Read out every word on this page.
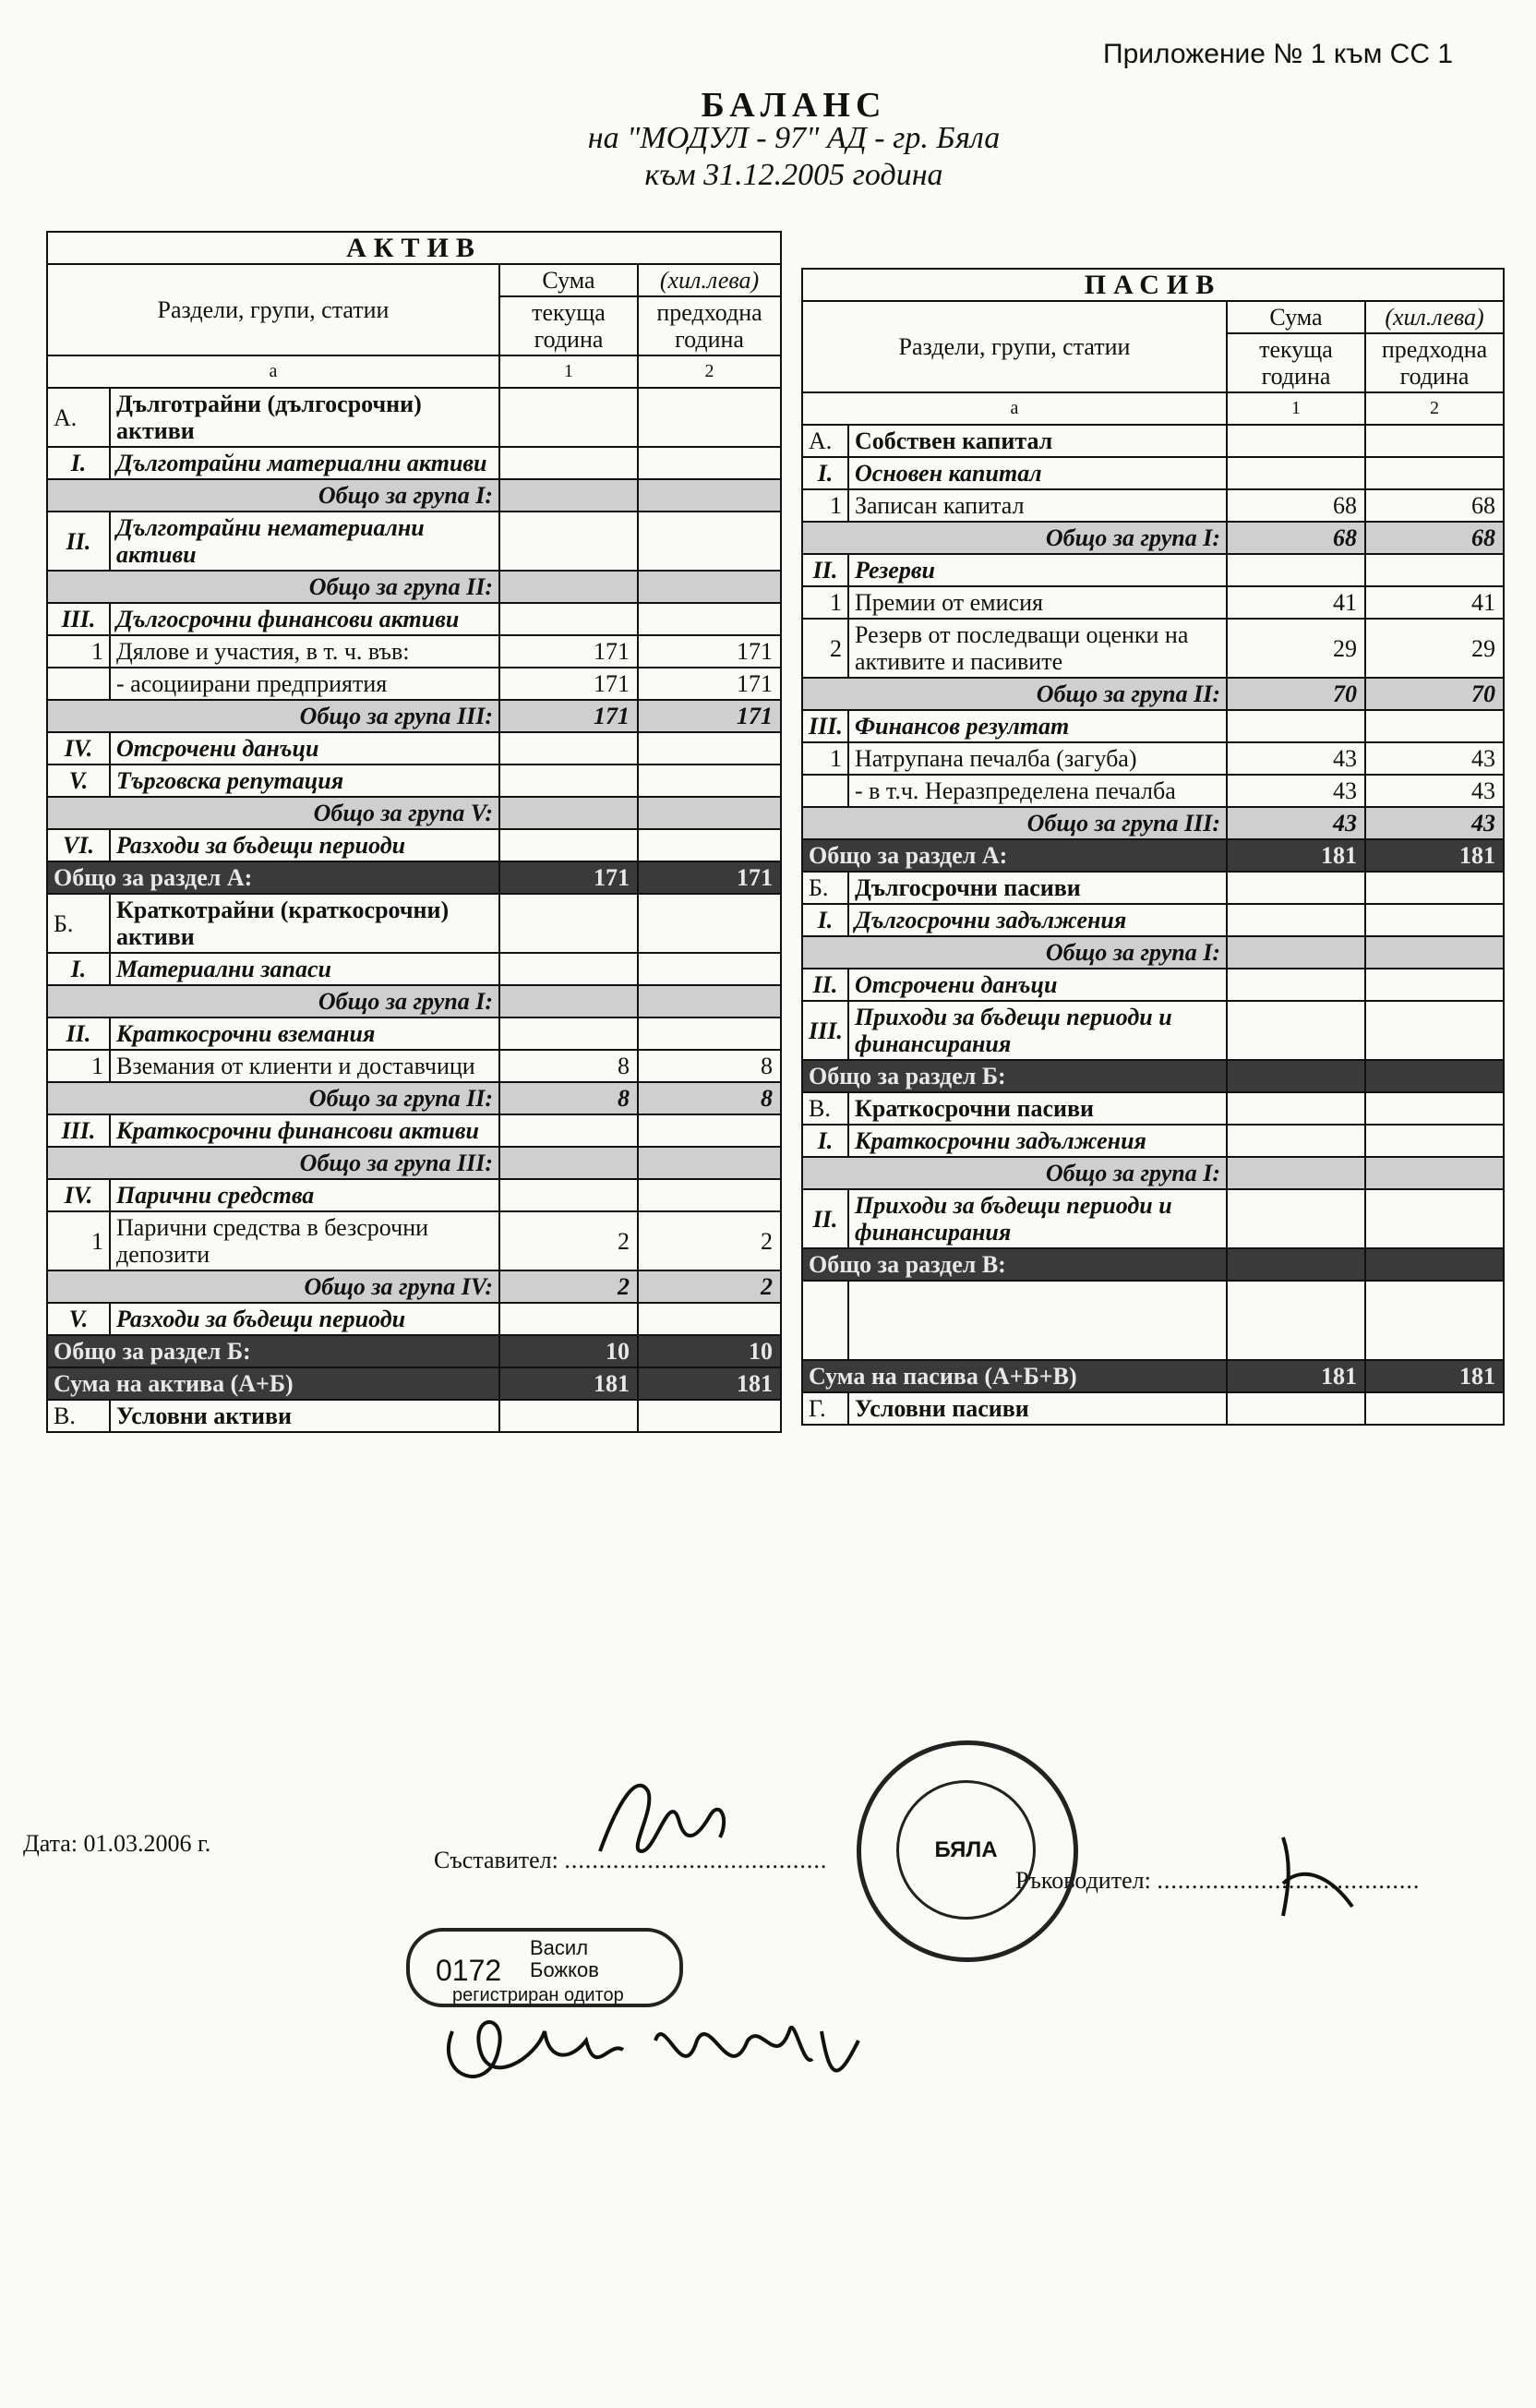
Приложение № 1 към СС 1
БАЛАНС
на "МОДУЛ - 97" АД - гр. Бяла
към 31.12.2005 година
АКТИВ			
Раздели, групи, статии		Сума	(хил.лева)
		текуща година	предходна година
а		1	2
А.	Дълготрайни (дългосрочни) активи		
I.	Дълготрайни материални активи		
Общо за група I:			
II.	Дълготрайни нематериални активи		
Общо за група II:			
III.	Дългосрочни финансови активи		
1	Дялове и участия, в т. ч. във:	171	171
	- асоциирани предприятия	171	171
Общо за група III:		171	171
IV.	Отсрочени данъци		
V.	Търговска репутация		
Общо за група V:			
VI.	Разходи за бъдещи периоди		
Общо за раздел А:		171	171
Б.	Краткотрайни (краткосрочни) активи		
I.	Материални запаси		
Общо за група I:			
II.	Краткосрочни вземания		
1	Вземания от клиенти и доставчици	8	8
Общо за група II:		8	8
III.	Краткосрочни финансови активи		
Общо за група III:			
IV.	Парични средства		
1	Парични средства в безсрочни депозити	2	2
Общо за група IV:		2	2
V.	Разходи за бъдещи периоди		
Общо за раздел Б:		10	10
Сума на актива (А+Б)		181	181
В.	Условни активи		
ПАСИВ			
Раздели, групи, статии		Сума	(хил.лева)
		текуща година	предходна година
а		1	2
А.	Собствен капитал		
I.	Основен капитал		
1	Записан капитал	68	68
Общо за група I:		68	68
II.	Резерви		
1	Премии от емисия	41	41
2	Резерв от последващи оценки на активите и пасивите	29	29
Общо за група II:		70	70
III.	Финансов резултат		
1	Натрупана печалба (загуба)	43	43
	- в т.ч. Неразпределена печалба	43	43
Общо за група III:		43	43
Общо за раздел А:		181	181
Б.	Дългосрочни пасиви		
I.	Дългосрочни задължения		
Общо за група I:			
II.	Отсрочени данъци		
III.	Приходи за бъдещи периоди и финансирания		
Общо за раздел Б:			
В.	Краткосрочни пасиви		
I.	Краткосрочни задължения		
Общо за група I:			
II.	Приходи за бъдещи периоди и финансирания		
Общо за раздел В:			

Сума на пасива (А+Б+В)		181	181
Г.	Условни пасиви		
Дата: 01.03.2006 г.
Съставител: ......................................
Ръководител: ......................................
БЯЛА
0172
Васил
Божков
регистриран одитор
